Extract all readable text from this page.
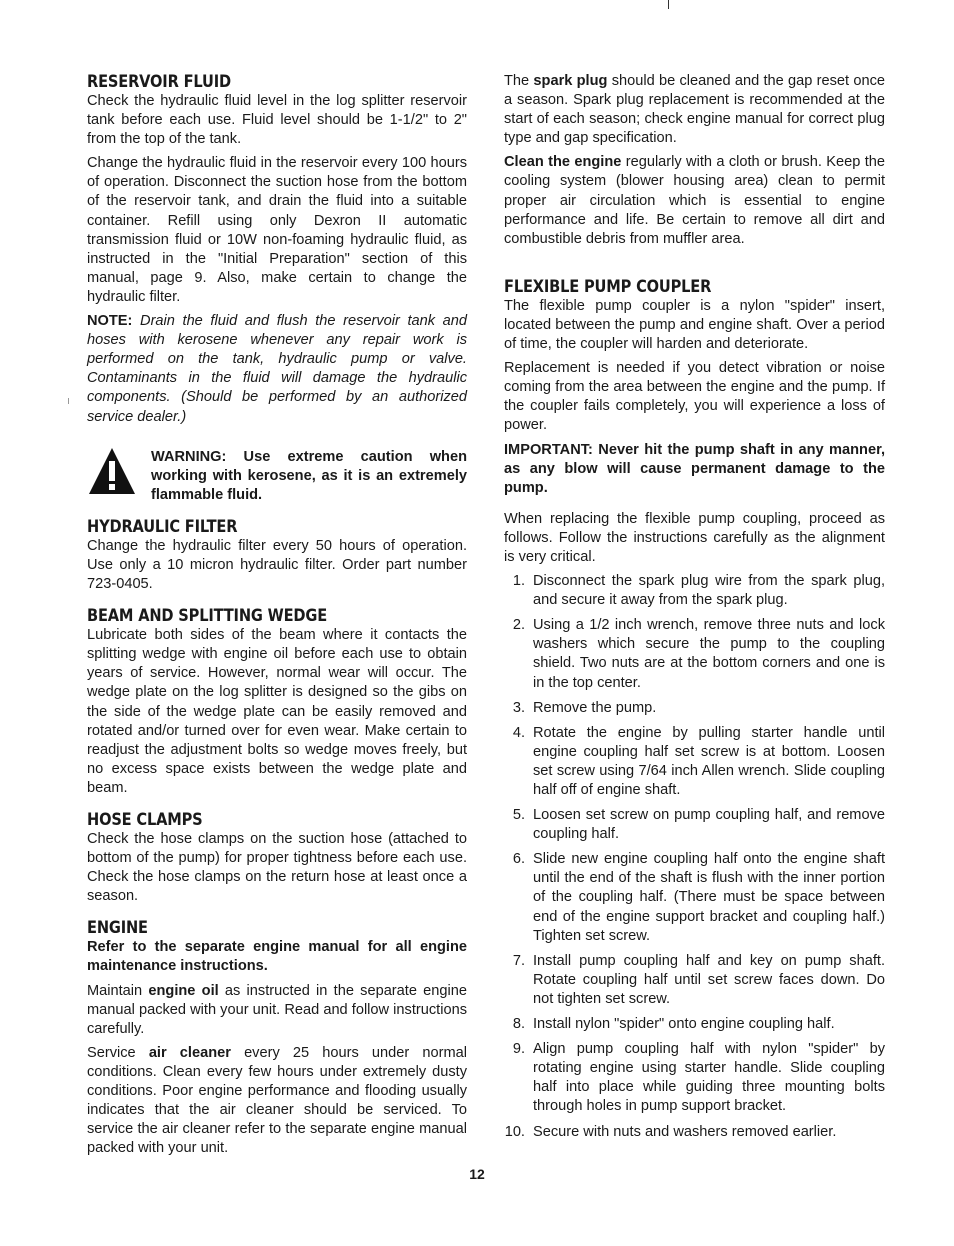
RESERVOIR FLUID

Check the hydraulic fluid level in the log splitter reservoir tank before each use. Fluid level should be 1-1/2" to 2" from the top of the tank.

Change the hydraulic fluid in the reservoir every 100 hours of operation. Disconnect the suction hose from the bottom of the reservoir tank, and drain the fluid into a suitable container. Refill using only Dexron II automatic transmission fluid or 10W non-foaming hydraulic fluid, as instructed in the "Initial Preparation" section of this manual, page 9. Also, make certain to change the hydraulic filter.

NOTE: Drain the fluid and flush the reservoir tank and hoses with kerosene whenever any repair work is performed on the tank, hydraulic pump or valve. Contaminants in the fluid will damage the hydraulic components. (Should be performed by an authorized service dealer.)

WARNING: Use extreme caution when working with kerosene, as it is an extremely flammable fluid.

HYDRAULIC FILTER

Change the hydraulic filter every 50 hours of operation. Use only a 10 micron hydraulic filter. Order part number 723-0405.

BEAM AND SPLITTING WEDGE

Lubricate both sides of the beam where it contacts the splitting wedge with engine oil before each use to obtain years of service. However, normal wear will occur. The wedge plate on the log splitter is designed so the gibs on the side of the wedge plate can be easily removed and rotated and/or turned over for even wear. Make certain to readjust the adjustment bolts so wedge moves freely, but no excess space exists between the wedge plate and beam.

HOSE CLAMPS

Check the hose clamps on the suction hose (attached to bottom of the pump) for proper tightness before each use. Check the hose clamps on the return hose at least once a season.

ENGINE

Refer to the separate engine manual for all engine maintenance instructions.

Maintain engine oil as instructed in the separate engine manual packed with your unit. Read and follow instructions carefully.

Service air cleaner every 25 hours under normal conditions. Clean every few hours under extremely dusty conditions. Poor engine performance and flooding usually indicates that the air cleaner should be serviced. To service the air cleaner refer to the separate engine manual packed with your unit.

The spark plug should be cleaned and the gap reset once a season. Spark plug replacement is recommended at the start of each season; check engine manual for correct plug type and gap specification.

Clean the engine regularly with a cloth or brush. Keep the cooling system (blower housing area) clean to permit proper air circulation which is essential to engine performance and life. Be certain to remove all dirt and combustible debris from muffler area.

FLEXIBLE PUMP COUPLER

The flexible pump coupler is a nylon "spider" insert, located between the pump and engine shaft. Over a period of time, the coupler will harden and deteriorate.

Replacement is needed if you detect vibration or noise coming from the area between the engine and the pump. If the coupler fails completely, you will experience a loss of power.

IMPORTANT: Never hit the pump shaft in any manner, as any blow will cause permanent damage to the pump.

When replacing the flexible pump coupling, proceed as follows. Follow the instructions carefully as the alignment is very critical.

1. Disconnect the spark plug wire from the spark plug, and secure it away from the spark plug.
2. Using a 1/2 inch wrench, remove three nuts and lock washers which secure the pump to the coupling shield. Two nuts are at the bottom corners and one is in the top center.
3. Remove the pump.
4. Rotate the engine by pulling starter handle until engine coupling half set screw is at bottom. Loosen set screw using 7/64 inch Allen wrench. Slide coupling half off of engine shaft.
5. Loosen set screw on pump coupling half, and remove coupling half.
6. Slide new engine coupling half onto the engine shaft until the end of the shaft is flush with the inner portion of the coupling half. (There must be space between end of the engine support bracket and coupling half.) Tighten set screw.
7. Install pump coupling half and key on pump shaft. Rotate coupling half until set screw faces down. Do not tighten set screw.
8. Install nylon "spider" onto engine coupling half.
9. Align pump coupling half with nylon "spider" by rotating engine using starter handle. Slide coupling half into place while guiding three mounting bolts through holes in pump support bracket.
10. Secure with nuts and washers removed earlier.
12
